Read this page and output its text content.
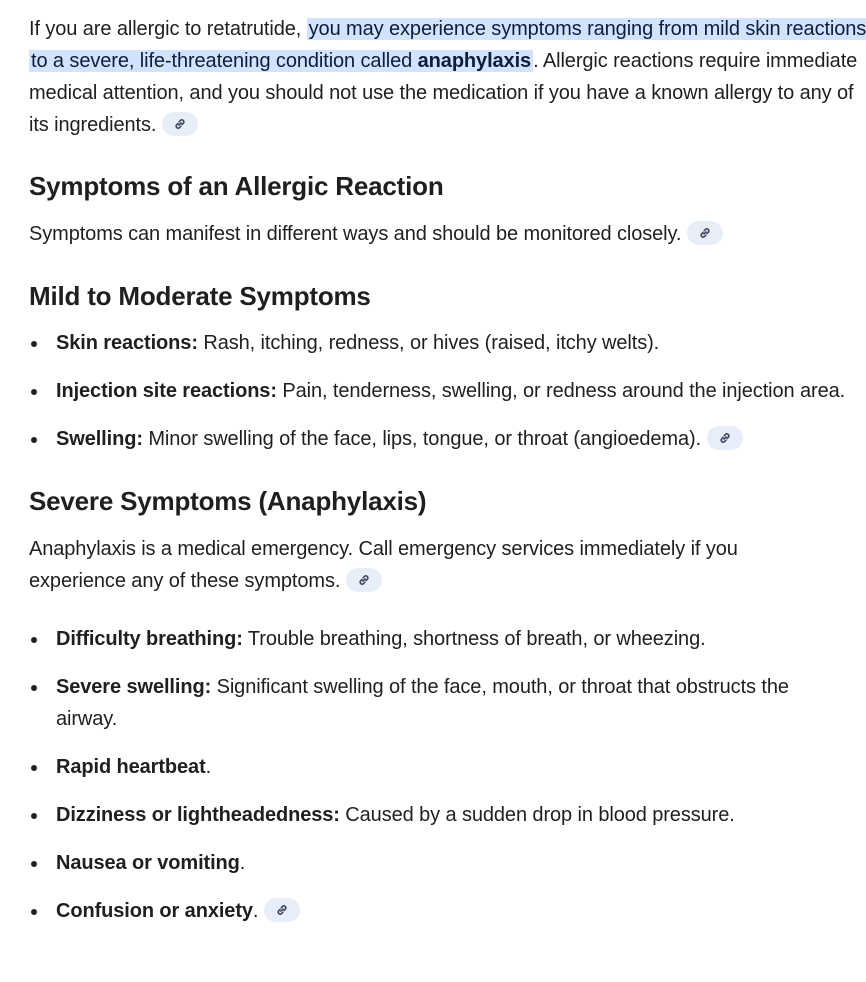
If you are allergic to retatrutide, you may experience symptoms ranging from mild skin reactions to a severe, life-threatening condition called anaphylaxis . Allergic reactions require immediate medical attention, and you should not use the medication if you have a known allergy to any of its ingredients.

Symptoms of an Allergic Reaction

Symptoms can manifest in different ways and should be monitored closely.

Mild to Moderate Symptoms
Skin reactions: Rash, itching, redness, or hives (raised, itchy welts).
Injection site reactions: Pain, tenderness, swelling, or redness around the injection area.
Swelling: Minor swelling of the face, lips, tongue, or throat (angioedema).
Severe Symptoms (Anaphylaxis)

Anaphylaxis is a medical emergency. Call emergency services immediately if you experience any of these symptoms.

Difficulty breathing: Trouble breathing, shortness of breath, or wheezing.
Severe swelling: Significant swelling of the face, mouth, or throat that obstructs the airway.
Rapid heartbeat.
Dizziness or lightheadedness: Caused by a sudden drop in blood pressure.
Nausea or vomiting.
Confusion or anxiety.
